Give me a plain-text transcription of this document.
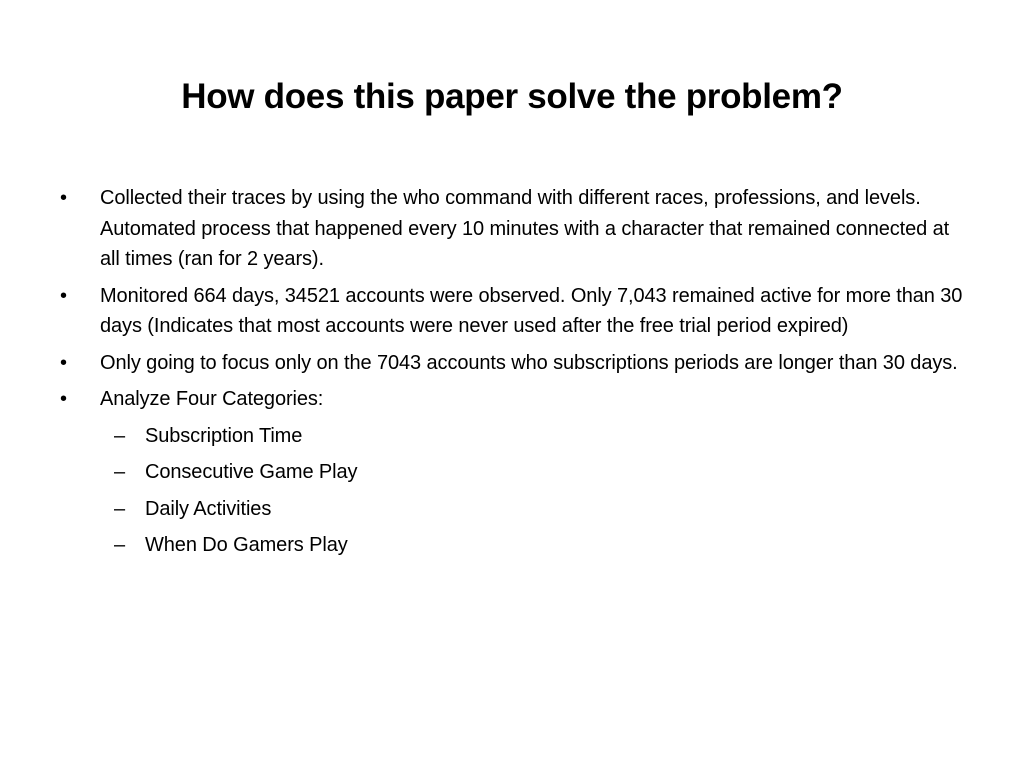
How does this paper solve the problem?
•	Collected their traces by using the who command with different races, professions, and levels. Automated process that happened every 10 minutes with a character that remained connected at all times (ran for 2 years).
•	Monitored 664 days, 34521 accounts were observed. Only 7,043 remained active for more than 30 days (Indicates that most accounts were never used after the free trial period expired)
•	Only going to focus only on the 7043 accounts who subscriptions periods are longer than 30 days.
•	Analyze Four Categories:
– Subscription Time
– Consecutive Game Play
– Daily Activities
– When Do Gamers Play
